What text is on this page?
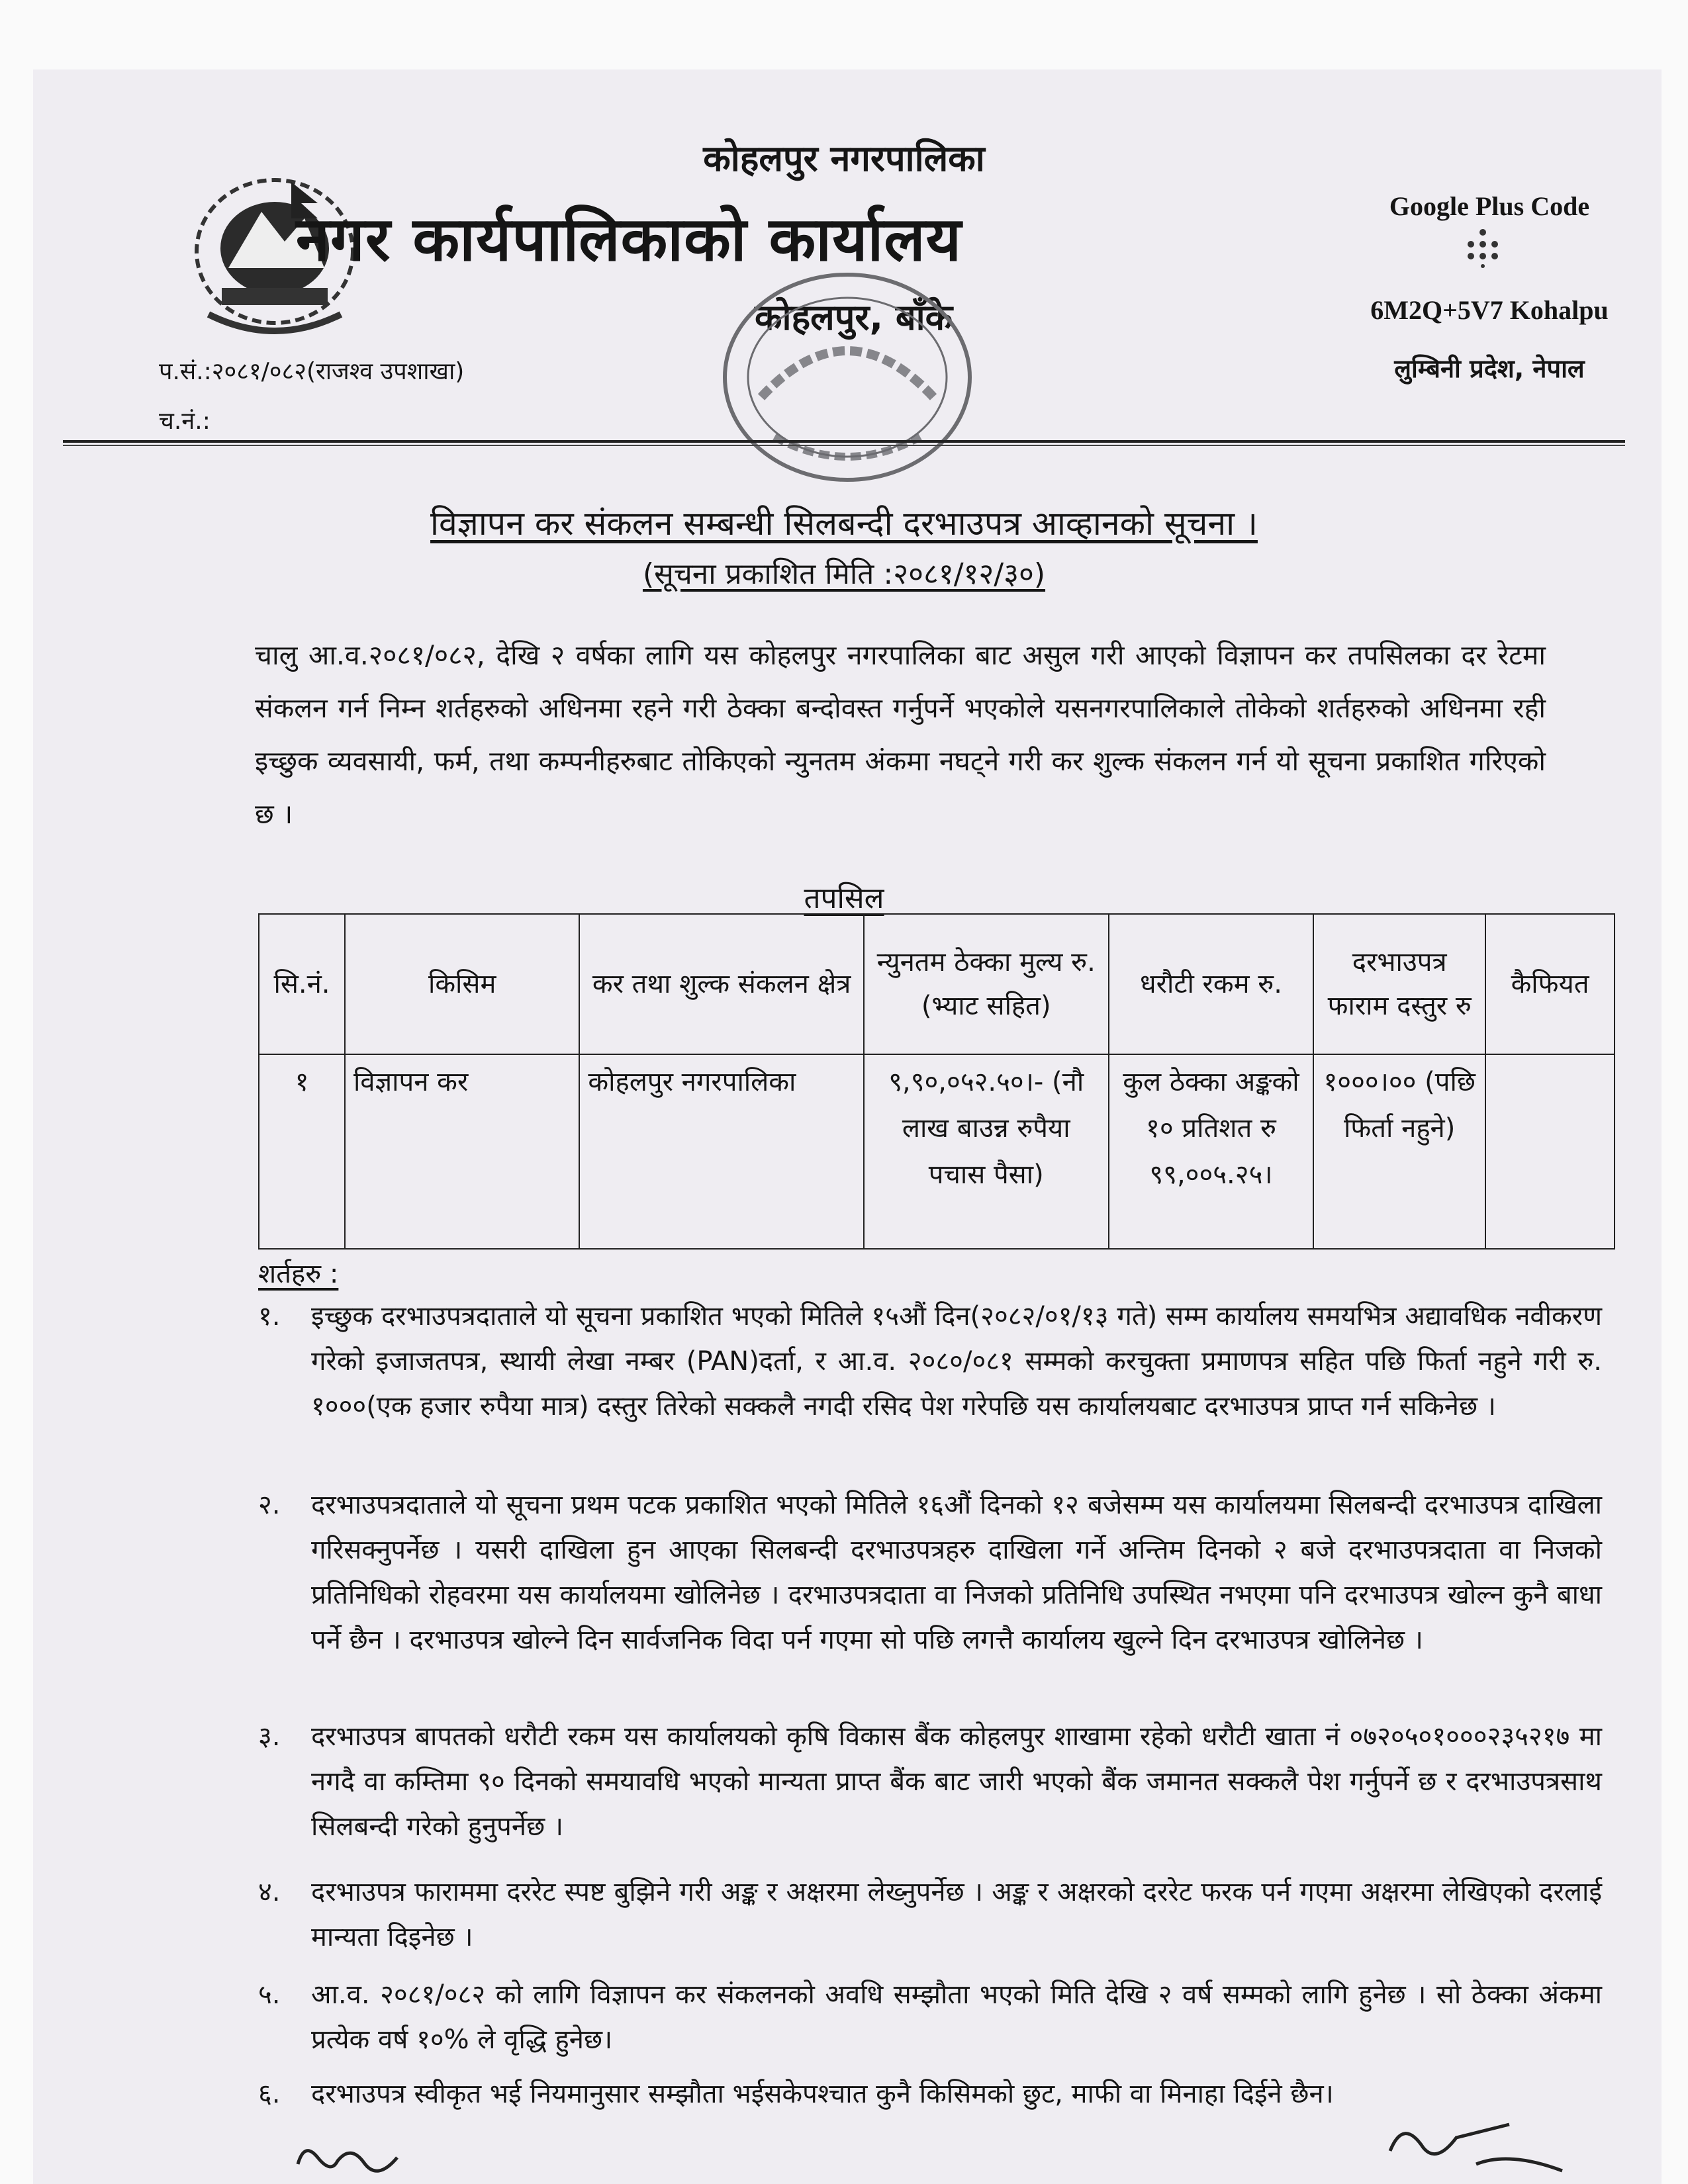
कोहलपुर नगरपालिका
नगर कार्यपालिकाको कार्यालय
कोहलपुर, बाँके
Google Plus Code
6M2Q+5V7 Kohalpu
लुम्बिनी प्रदेश, नेपाल
प.सं.:२०८१/०८२(राजश्व उपशाखा)
च.नं.:
विज्ञापन कर संकलन सम्बन्धी सिलबन्दी दरभाउपत्र आव्हानको सूचना ।
(सूचना प्रकाशित मिति :२०८१/१२/३०)
चालु आ.व.२०८१/०८२, देखि २ वर्षका लागि यस कोहलपुर नगरपालिका बाट असुल गरी आएको विज्ञापन कर तपसिलका दर रेटमा संकलन गर्न निम्न शर्तहरुको अधिनमा रहने गरी ठेक्का बन्दोवस्त गर्नुपर्ने भएकोले यसनगरपालिकाले तोकेको शर्तहरुको अधिनमा रही इच्छुक व्यवसायी, फर्म, तथा कम्पनीहरुबाट तोकिएको न्युनतम अंकमा नघट्ने गरी कर शुल्क संकलन गर्न यो सूचना प्रकाशित गरिएको छ ।
तपसिल
सि.नं.	किसिम	कर तथा शुल्क संकलन क्षेत्र	न्युनतम ठेक्का मुल्य रु. (भ्याट सहित)	धरौटी रकम रु.	दरभाउपत्र फाराम दस्तुर रु	कैफियत
१	विज्ञापन कर	कोहलपुर नगरपालिका	९,९०,०५२.५०।- (नौ लाख बाउन्न रुपैया पचास पैसा)	कुल ठेक्का अङ्कको १० प्रतिशत रु ९९,००५.२५।	१०००।०० (पछि फिर्ता नहुने)	
शर्तहरु :
१.	इच्छुक दरभाउपत्रदाताले यो सूचना प्रकाशित भएको मितिले १५औं दिन(२०८२/०१/१३ गते) सम्म कार्यालय समयभित्र अद्यावधिक नवीकरण गरेको इजाजतपत्र, स्थायी लेखा नम्बर (PAN)दर्ता, र आ.व. २०८०/०८१ सम्मको करचुक्ता प्रमाणपत्र सहित पछि फिर्ता नहुने गरी रु. १०००(एक हजार रुपैया मात्र) दस्तुर तिरेको सक्कलै नगदी रसिद पेश गरेपछि यस कार्यालयबाट दरभाउपत्र प्राप्त गर्न सकिनेछ ।
२.	दरभाउपत्रदाताले यो सूचना प्रथम पटक प्रकाशित भएको मितिले १६औं दिनको १२ बजेसम्म यस कार्यालयमा सिलबन्दी दरभाउपत्र दाखिला गरिसक्नुपर्नेछ । यसरी दाखिला हुन आएका सिलबन्दी दरभाउपत्रहरु दाखिला गर्ने अन्तिम दिनको २ बजे दरभाउपत्रदाता वा निजको प्रतिनिधिको रोहवरमा यस कार्यालयमा खोलिनेछ । दरभाउपत्रदाता वा निजको प्रतिनिधि उपस्थित नभएमा पनि दरभाउपत्र खोल्न कुनै बाधा पर्ने छैन । दरभाउपत्र खोल्ने दिन सार्वजनिक विदा पर्न गएमा सो पछि लगत्तै कार्यालय खुल्ने दिन दरभाउपत्र खोलिनेछ ।
३.	दरभाउपत्र बापतको धरौटी रकम यस कार्यालयको कृषि विकास बैंक कोहलपुर शाखामा रहेको धरौटी खाता नं ०७२०५०१०००२३५२१७ मा नगदै वा कम्तिमा ९० दिनको समयावधि भएको मान्यता प्राप्त बैंक बाट जारी भएको बैंक जमानत सक्कलै पेश गर्नुपर्ने छ र दरभाउपत्रसाथ सिलबन्दी गरेको हुनुपर्नेछ ।
४.	दरभाउपत्र फाराममा दररेट स्पष्ट बुझिने गरी अङ्क र अक्षरमा लेख्नुपर्नेछ । अङ्क र अक्षरको दररेट फरक पर्न गएमा अक्षरमा लेखिएको दरलाई मान्यता दिइनेछ ।
५.	आ.व. २०८१/०८२ को लागि विज्ञापन कर संकलनको अवधि सम्झौता भएको मिति देखि २ वर्ष सम्मको लागि हुनेछ । सो ठेक्का अंकमा प्रत्येक वर्ष १०% ले वृद्धि हुनेछ।
६.	दरभाउपत्र स्वीकृत भई नियमानुसार सम्झौता भईसकेपश्चात कुनै किसिमको छुट, माफी वा मिनाहा दिईने छैन।
